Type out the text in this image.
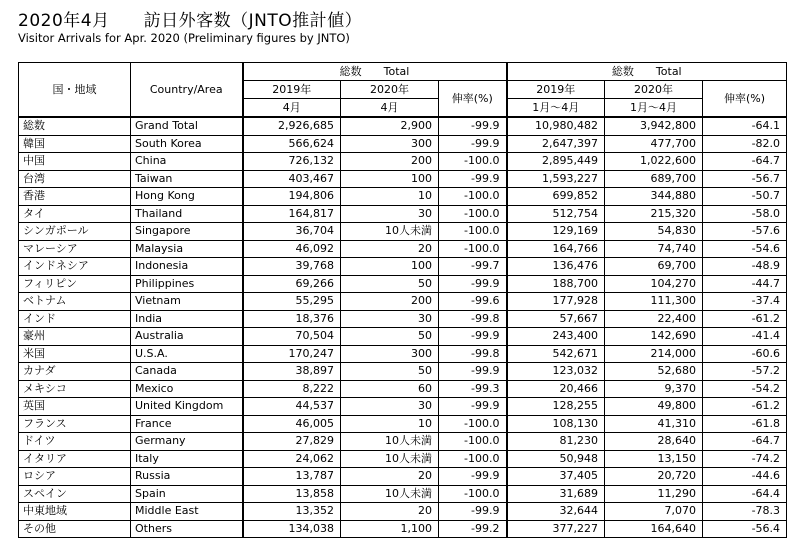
2020年4月 訪日外客数（JNTO推計値）
Visitor Arrivals for Apr. 2020 (Preliminary figures by JNTO)
国・地域	Country/Area	総数　　Total			総数　　Total		
		2019年	2020年	伸率(%)	2019年	2020年	伸率(%)
		4月	4月		1月～4月	1月～4月	
総数	Grand Total	2,926,685	2,900	-99.9	10,980,482	3,942,800	-64.1
韓国	South Korea	566,624	300	-99.9	2,647,397	477,700	-82.0
中国	China	726,132	200	-100.0	2,895,449	1,022,600	-64.7
台湾	Taiwan	403,467	100	-99.9	1,593,227	689,700	-56.7
香港	Hong Kong	194,806	10	-100.0	699,852	344,880	-50.7
タイ	Thailand	164,817	30	-100.0	512,754	215,320	-58.0
シンガポール	Singapore	36,704	10人未満	-100.0	129,169	54,830	-57.6
マレーシア	Malaysia	46,092	20	-100.0	164,766	74,740	-54.6
インドネシア	Indonesia	39,768	100	-99.7	136,476	69,700	-48.9
フィリピン	Philippines	69,266	50	-99.9	188,700	104,270	-44.7
ベトナム	Vietnam	55,295	200	-99.6	177,928	111,300	-37.4
インド	India	18,376	30	-99.8	57,667	22,400	-61.2
豪州	Australia	70,504	50	-99.9	243,400	142,690	-41.4
米国	U.S.A.	170,247	300	-99.8	542,671	214,000	-60.6
カナダ	Canada	38,897	50	-99.9	123,032	52,680	-57.2
メキシコ	Mexico	8,222	60	-99.3	20,466	9,370	-54.2
英国	United Kingdom	44,537	30	-99.9	128,255	49,800	-61.2
フランス	France	46,005	10	-100.0	108,130	41,310	-61.8
ドイツ	Germany	27,829	10人未満	-100.0	81,230	28,640	-64.7
イタリア	Italy	24,062	10人未満	-100.0	50,948	13,150	-74.2
ロシア	Russia	13,787	20	-99.9	37,405	20,720	-44.6
スペイン	Spain	13,858	10人未満	-100.0	31,689	11,290	-64.4
中東地域	Middle East	13,352	20	-99.9	32,644	7,070	-78.3
その他	Others	134,038	1,100	-99.2	377,227	164,640	-56.4
